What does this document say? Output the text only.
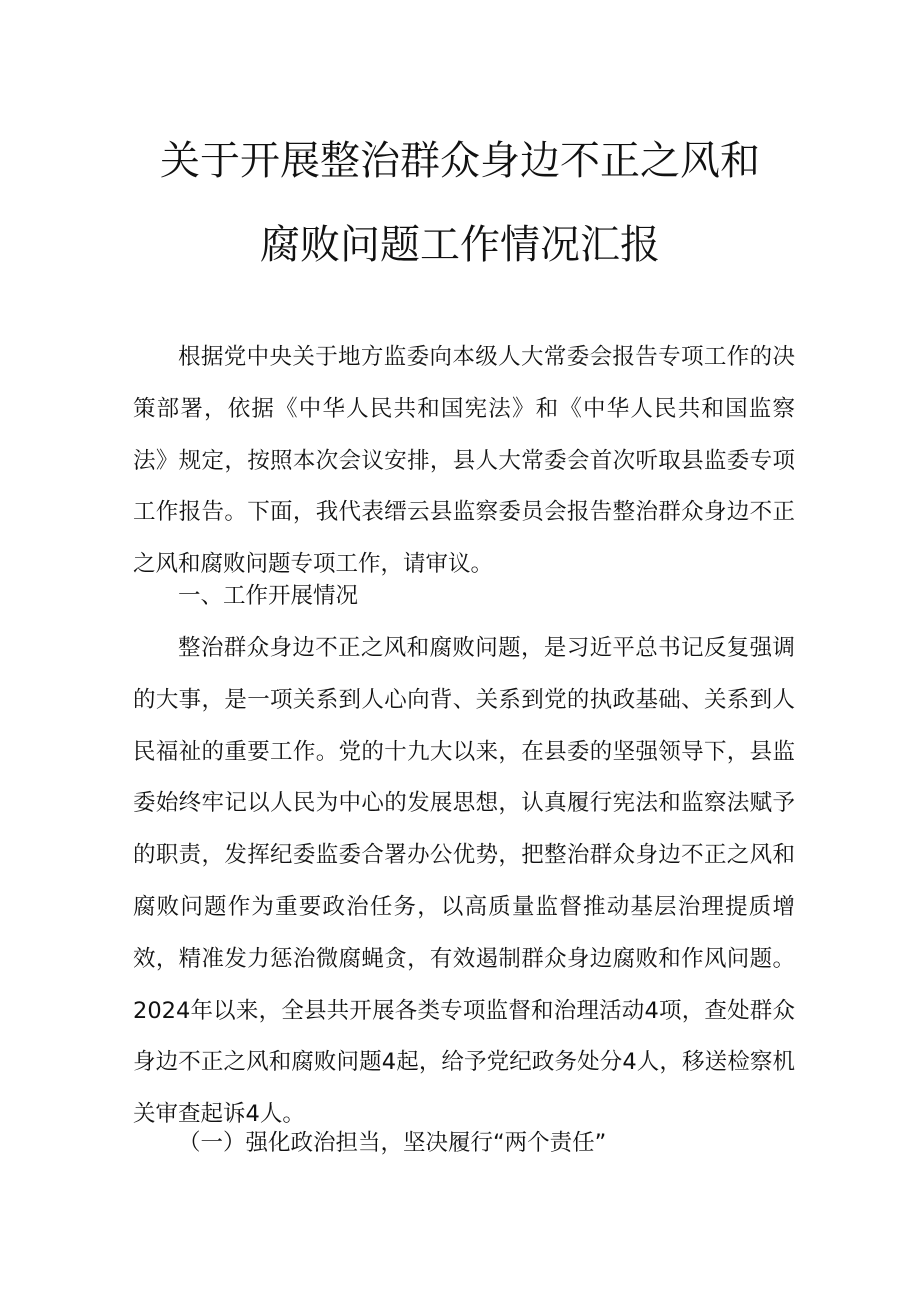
关于开展整治群众身边不正之风和
腐败问题工作情况汇报

根据党中央关于地方监委向本级人大常委会报告专项工作的决策部署，依据《中华人民共和国宪法》和《中华人民共和国监察法》规定，按照本次会议安排，县人大常委会首次听取县监委专项工作报告。下面，我代表缙云县监察委员会报告整治群众身边不正之风和腐败问题专项工作，请审议。

一、工作开展情况

整治群众身边不正之风和腐败问题，是习近平总书记反复强调的大事，是一项关系到人心向背、关系到党的执政基础、关系到人民福祉的重要工作。党的十九大以来，在县委的坚强领导下，县监委始终牢记以人民为中心的发展思想，认真履行宪法和监察法赋予的职责，发挥纪委监委合署办公优势，把整治群众身边不正之风和腐败问题作为重要政治任务，以高质量监督推动基层治理提质增效，精准发力惩治微腐蝇贪，有效遏制群众身边腐败和作风问题。2024年以来，全县共开展各类专项监督和治理活动4项，查处群众身边不正之风和腐败问题4起，给予党纪政务处分4人，移送检察机关审查起诉4人。

（一）强化政治担当，坚决履行“两个责任”
